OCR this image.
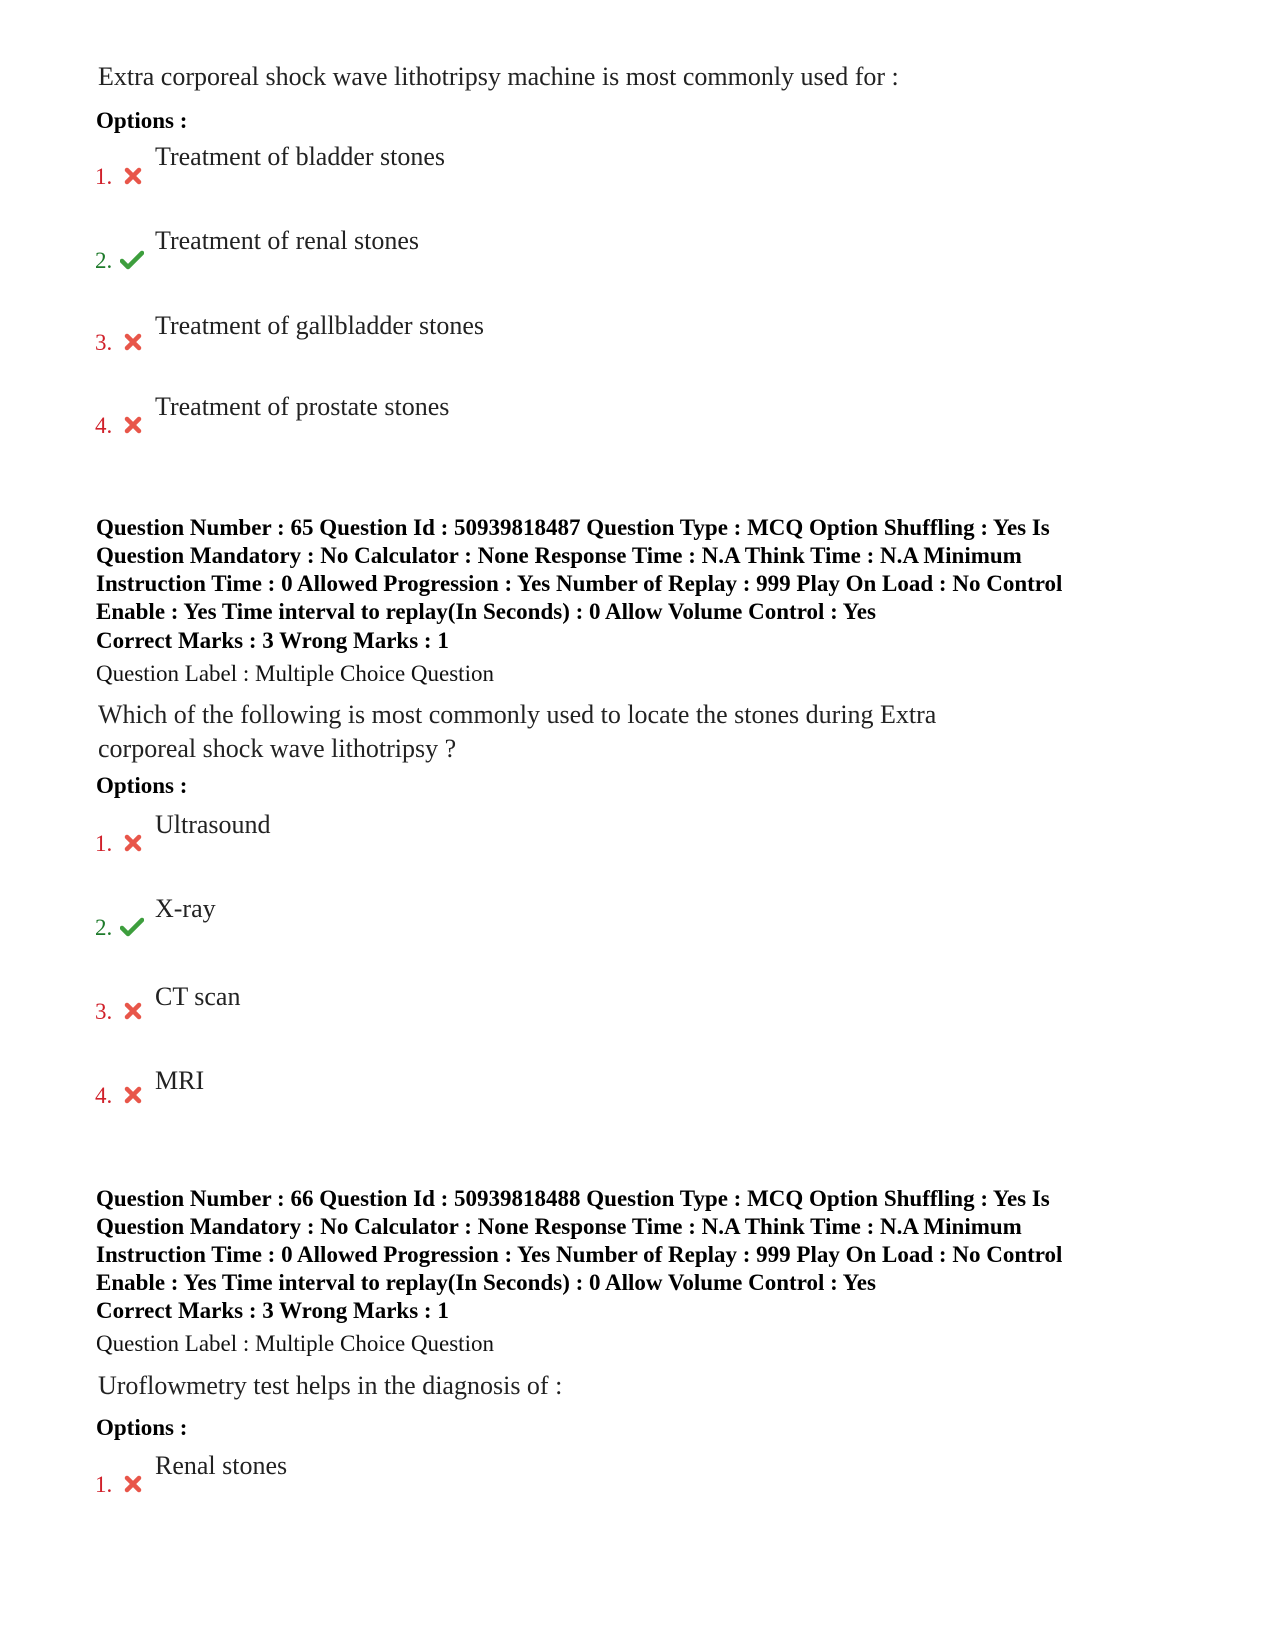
Extra corporeal shock wave lithotripsy machine is most commonly used for :
Options :
1.
Treatment of bladder stones
2.
Treatment of renal stones
3.
Treatment of gallbladder stones
4.
Treatment of prostate stones
Question Number : 65 Question Id : 50939818487 Question Type : MCQ Option Shuffling : Yes Is
Question Mandatory : No Calculator : None Response Time : N.A Think Time : N.A Minimum
Instruction Time : 0 Allowed Progression : Yes Number of Replay : 999 Play On Load : No Control
Enable : Yes Time interval to replay(In Seconds) : 0 Allow Volume Control : Yes
Correct Marks : 3 Wrong Marks : 1
Question Label : Multiple Choice Question
Which of the following is most commonly used to locate the stones during Extra
corporeal shock wave lithotripsy ?
Options :
1.
Ultrasound
2.
X-ray
3.
CT scan
4.
MRI
Question Number : 66 Question Id : 50939818488 Question Type : MCQ Option Shuffling : Yes Is
Question Mandatory : No Calculator : None Response Time : N.A Think Time : N.A Minimum
Instruction Time : 0 Allowed Progression : Yes Number of Replay : 999 Play On Load : No Control
Enable : Yes Time interval to replay(In Seconds) : 0 Allow Volume Control : Yes
Correct Marks : 3 Wrong Marks : 1
Question Label : Multiple Choice Question
Uroflowmetry test helps in the diagnosis of :
Options :
1.
Renal stones
